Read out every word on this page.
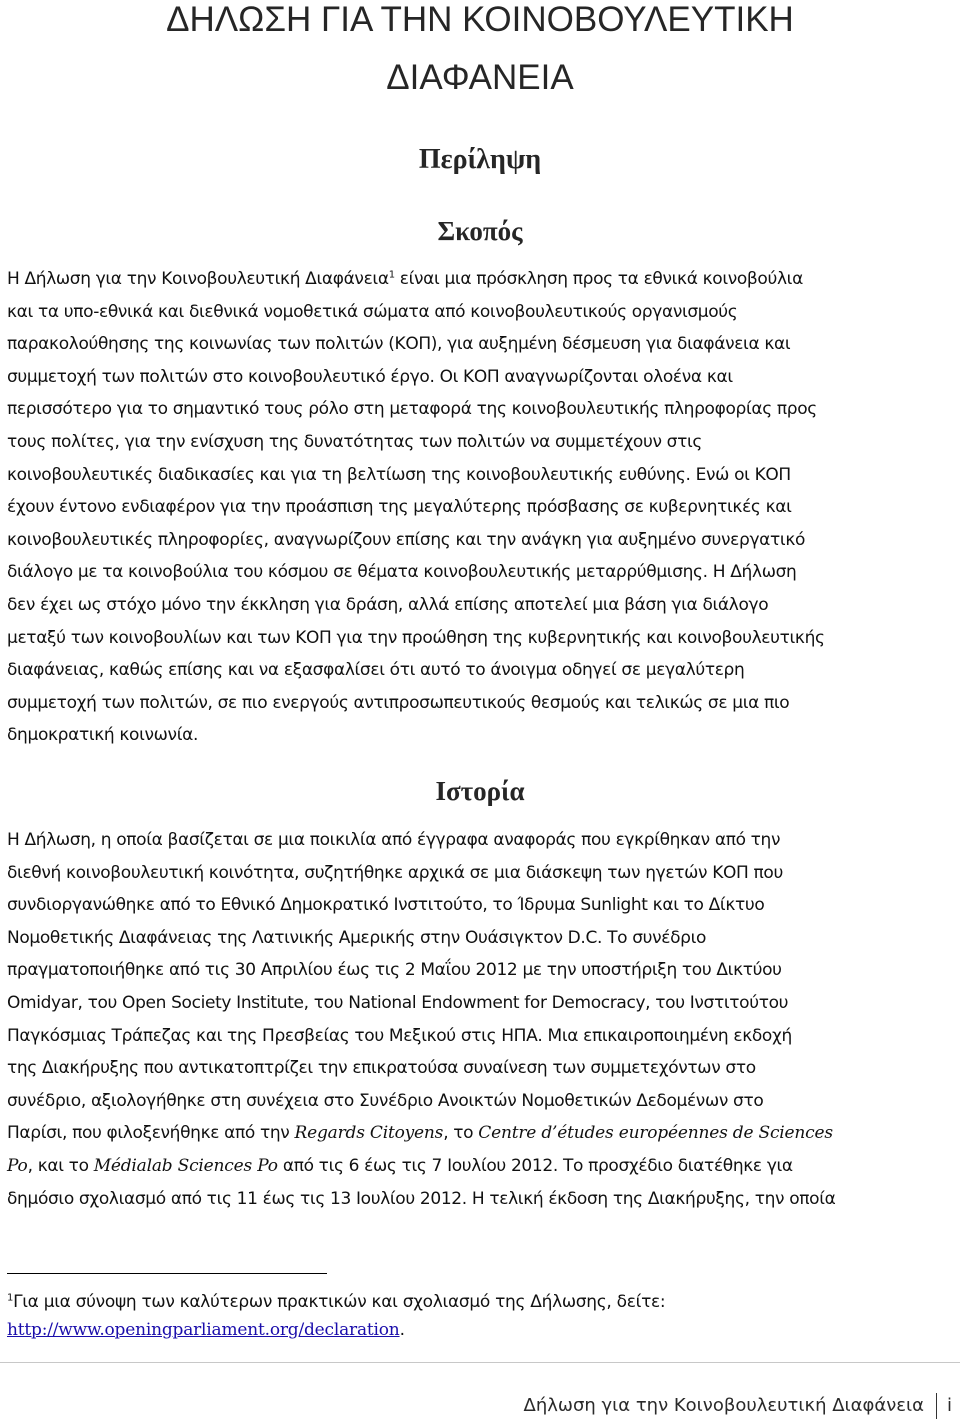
ΔΗΛΩΣΗ ΓΙΑ ΤΗΝ ΚΟΙΝΟΒΟΥΛΕΥΤΙΚΗ
ΔΙΑΦΑΝΕΙΑ
Περίληψη
Σκοπός
Η Δήλωση για την Κοινοβουλευτική Διαφάνεια$^1$ είναι μια πρόσκληση προς τα εθνικά κοινοβούλια
και τα υπο-εθνικά και διεθνικά νομοθετικά σώματα από κοινοβουλευτικούς οργανισμούς
παρακολούθησης της κοινωνίας των πολιτών (ΚΟΠ), για αυξημένη δέσμευση για διαφάνεια και
συμμετοχή των πολιτών στο κοινοβουλευτικό έργο. Οι ΚΟΠ αναγνωρίζονται ολοένα και
περισσότερο για το σημαντικό τους ρόλο στη μεταφορά της κοινοβουλευτικής πληροφορίας προς
τους πολίτες, για την ενίσχυση της δυνατότητας των πολιτών να συμμετέχουν στις
κοινοβουλευτικές διαδικασίες και για τη βελτίωση της κοινοβουλευτικής ευθύνης. Ενώ οι ΚΟΠ
έχουν έντονο ενδιαφέρον για την προάσπιση της μεγαλύτερης πρόσβασης σε κυβερνητικές και
κοινοβουλευτικές πληροφορίες, αναγνωρίζουν επίσης και την ανάγκη για αυξημένο συνεργατικό
διάλογο με τα κοινοβούλια του κόσμου σε θέματα κοινοβουλευτικής μεταρρύθμισης. Η Δήλωση
δεν έχει ως στόχο μόνο την έκκληση για δράση, αλλά επίσης αποτελεί μια βάση για διάλογο
μεταξύ των κοινοβουλίων και των ΚΟΠ για την προώθηση της κυβερνητικής και κοινοβουλευτικής
διαφάνειας, καθώς επίσης και να εξασφαλίσει ότι αυτό το άνοιγμα οδηγεί σε μεγαλύτερη
συμμετοχή των πολιτών, σε πιο ενεργούς αντιπροσωπευτικούς θεσμούς και τελικώς σε μια πιο
δημοκρατική κοινωνία.
Ιστορία
Η Δήλωση, η οποία βασίζεται σε μια ποικιλία από έγγραφα αναφοράς που εγκρίθηκαν από την
διεθνή κοινοβουλευτική κοινότητα, συζητήθηκε αρχικά σε μια διάσκεψη των ηγετών ΚΟΠ που
συνδιοργανώθηκε από το Εθνικό Δημοκρατικό Ινστιτούτο, το Ίδρυμα Sunlight και το Δίκτυο
Νομοθετικής Διαφάνειας της Λατινικής Αμερικής στην Ουάσιγκτον D.C. Το συνέδριο
πραγματοποιήθηκε από τις 30 Απριλίου έως τις 2 Μαΐου 2012 με την υποστήριξη του Δικτύου
Omidyar, του Open Society Institute, του National Endowment for Democracy, του Ινστιτούτου
Παγκόσμιας Τράπεζας και της Πρεσβείας του Μεξικού στις ΗΠΑ. Μια επικαιροποιημένη εκδοχή
της Διακήρυξης που αντικατοπτρίζει την επικρατούσα συναίνεση των συμμετεχόντων στο
συνέδριο, αξιολογήθηκε στη συνέχεια στο Συνέδριο Ανοικτών Νομοθετικών Δεδομένων στο
Παρίσι, που φιλοξενήθηκε από την Regards Citoyens, το Centre d’études européennes de Sciences
Po, και το Médialab Sciences Po από τις 6 έως τις 7 Ιουλίου 2012. Το προσχέδιο διατέθηκε για
δημόσιο σχολιασμό από τις 11 έως τις 13 Ιουλίου 2012. Η τελική έκδοση της Διακήρυξης, την οποία
$^1$Για μια σύνοψη των καλύτερων πρακτικών και σχολιασμό της Δήλωσης, δείτε:
http://www.openingparliament.org/declaration.
Δήλωση για την Κοινοβουλευτική Διαφάνεια i
